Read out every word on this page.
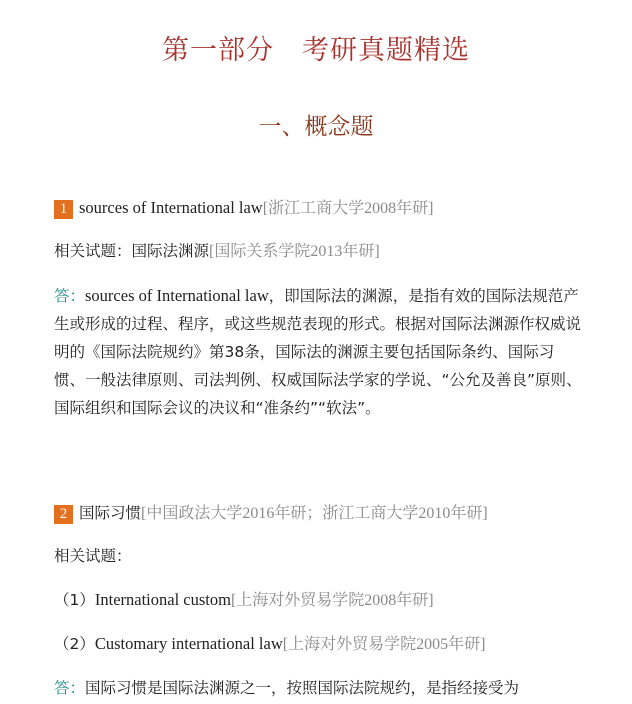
第一部分　考研真题精选
一、概念题
1 sources of International law[浙江工商大学2008年研]
相关试题：国际法渊源[国际关系学院2013年研]
答：sources of International law，即国际法的渊源，是指有效的国际法规范产生或形成的过程、程序，或这些规范表现的形式。根据对国际法渊源作权威说明的《国际法院规约》第38条，国际法的渊源主要包括国际条约、国际习惯、一般法律原则、司法判例、权威国际法学家的学说、“公允及善良”原则、国际组织和国际会议的决议和“准条约”“软法”。
2 国际习惯[中国政法大学2016年研；浙江工商大学2010年研]
相关试题：
（1）International custom[上海对外贸易学院2008年研]
（2）Customary international law[上海对外贸易学院2005年研]
答：国际习惯是国际法渊源之一，按照国际法院规约，是指经接受为
